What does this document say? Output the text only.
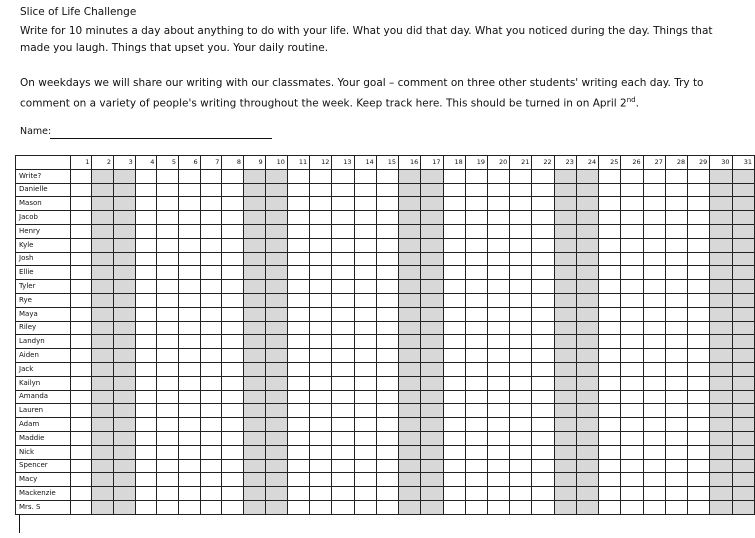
Slice of Life Challenge
Write for 10 minutes a day about anything to do with your life. What you did that day. What you noticed during the day. Things that made you laugh. Things that upset you. Your daily routine.
On weekdays we will share our writing with our classmates. Your goal – comment on three other students' writing each day. Try to comment on a variety of people's writing throughout the week. Keep track here. This should be turned in on April 2nd.
Name:
	1	2	3	4	5	6	7	8	9	10	11	12	13	14	15	16	17	18	19	20	21	22	23	24	25	26	27	28	29	30	31
Write?																															
Danielle																															
Mason																															
Jacob																															
Henry																															
Kyle																															
Josh																															
Ellie																															
Tyler																															
Rye																															
Maya																															
Riley																															
Landyn																															
Aiden																															
Jack																															
Kailyn																															
Amanda																															
Lauren																															
Adam																															
Maddie																															
Nick																															
Spencer																															
Macy																															
Mackenzie																															
Mrs. S																															
